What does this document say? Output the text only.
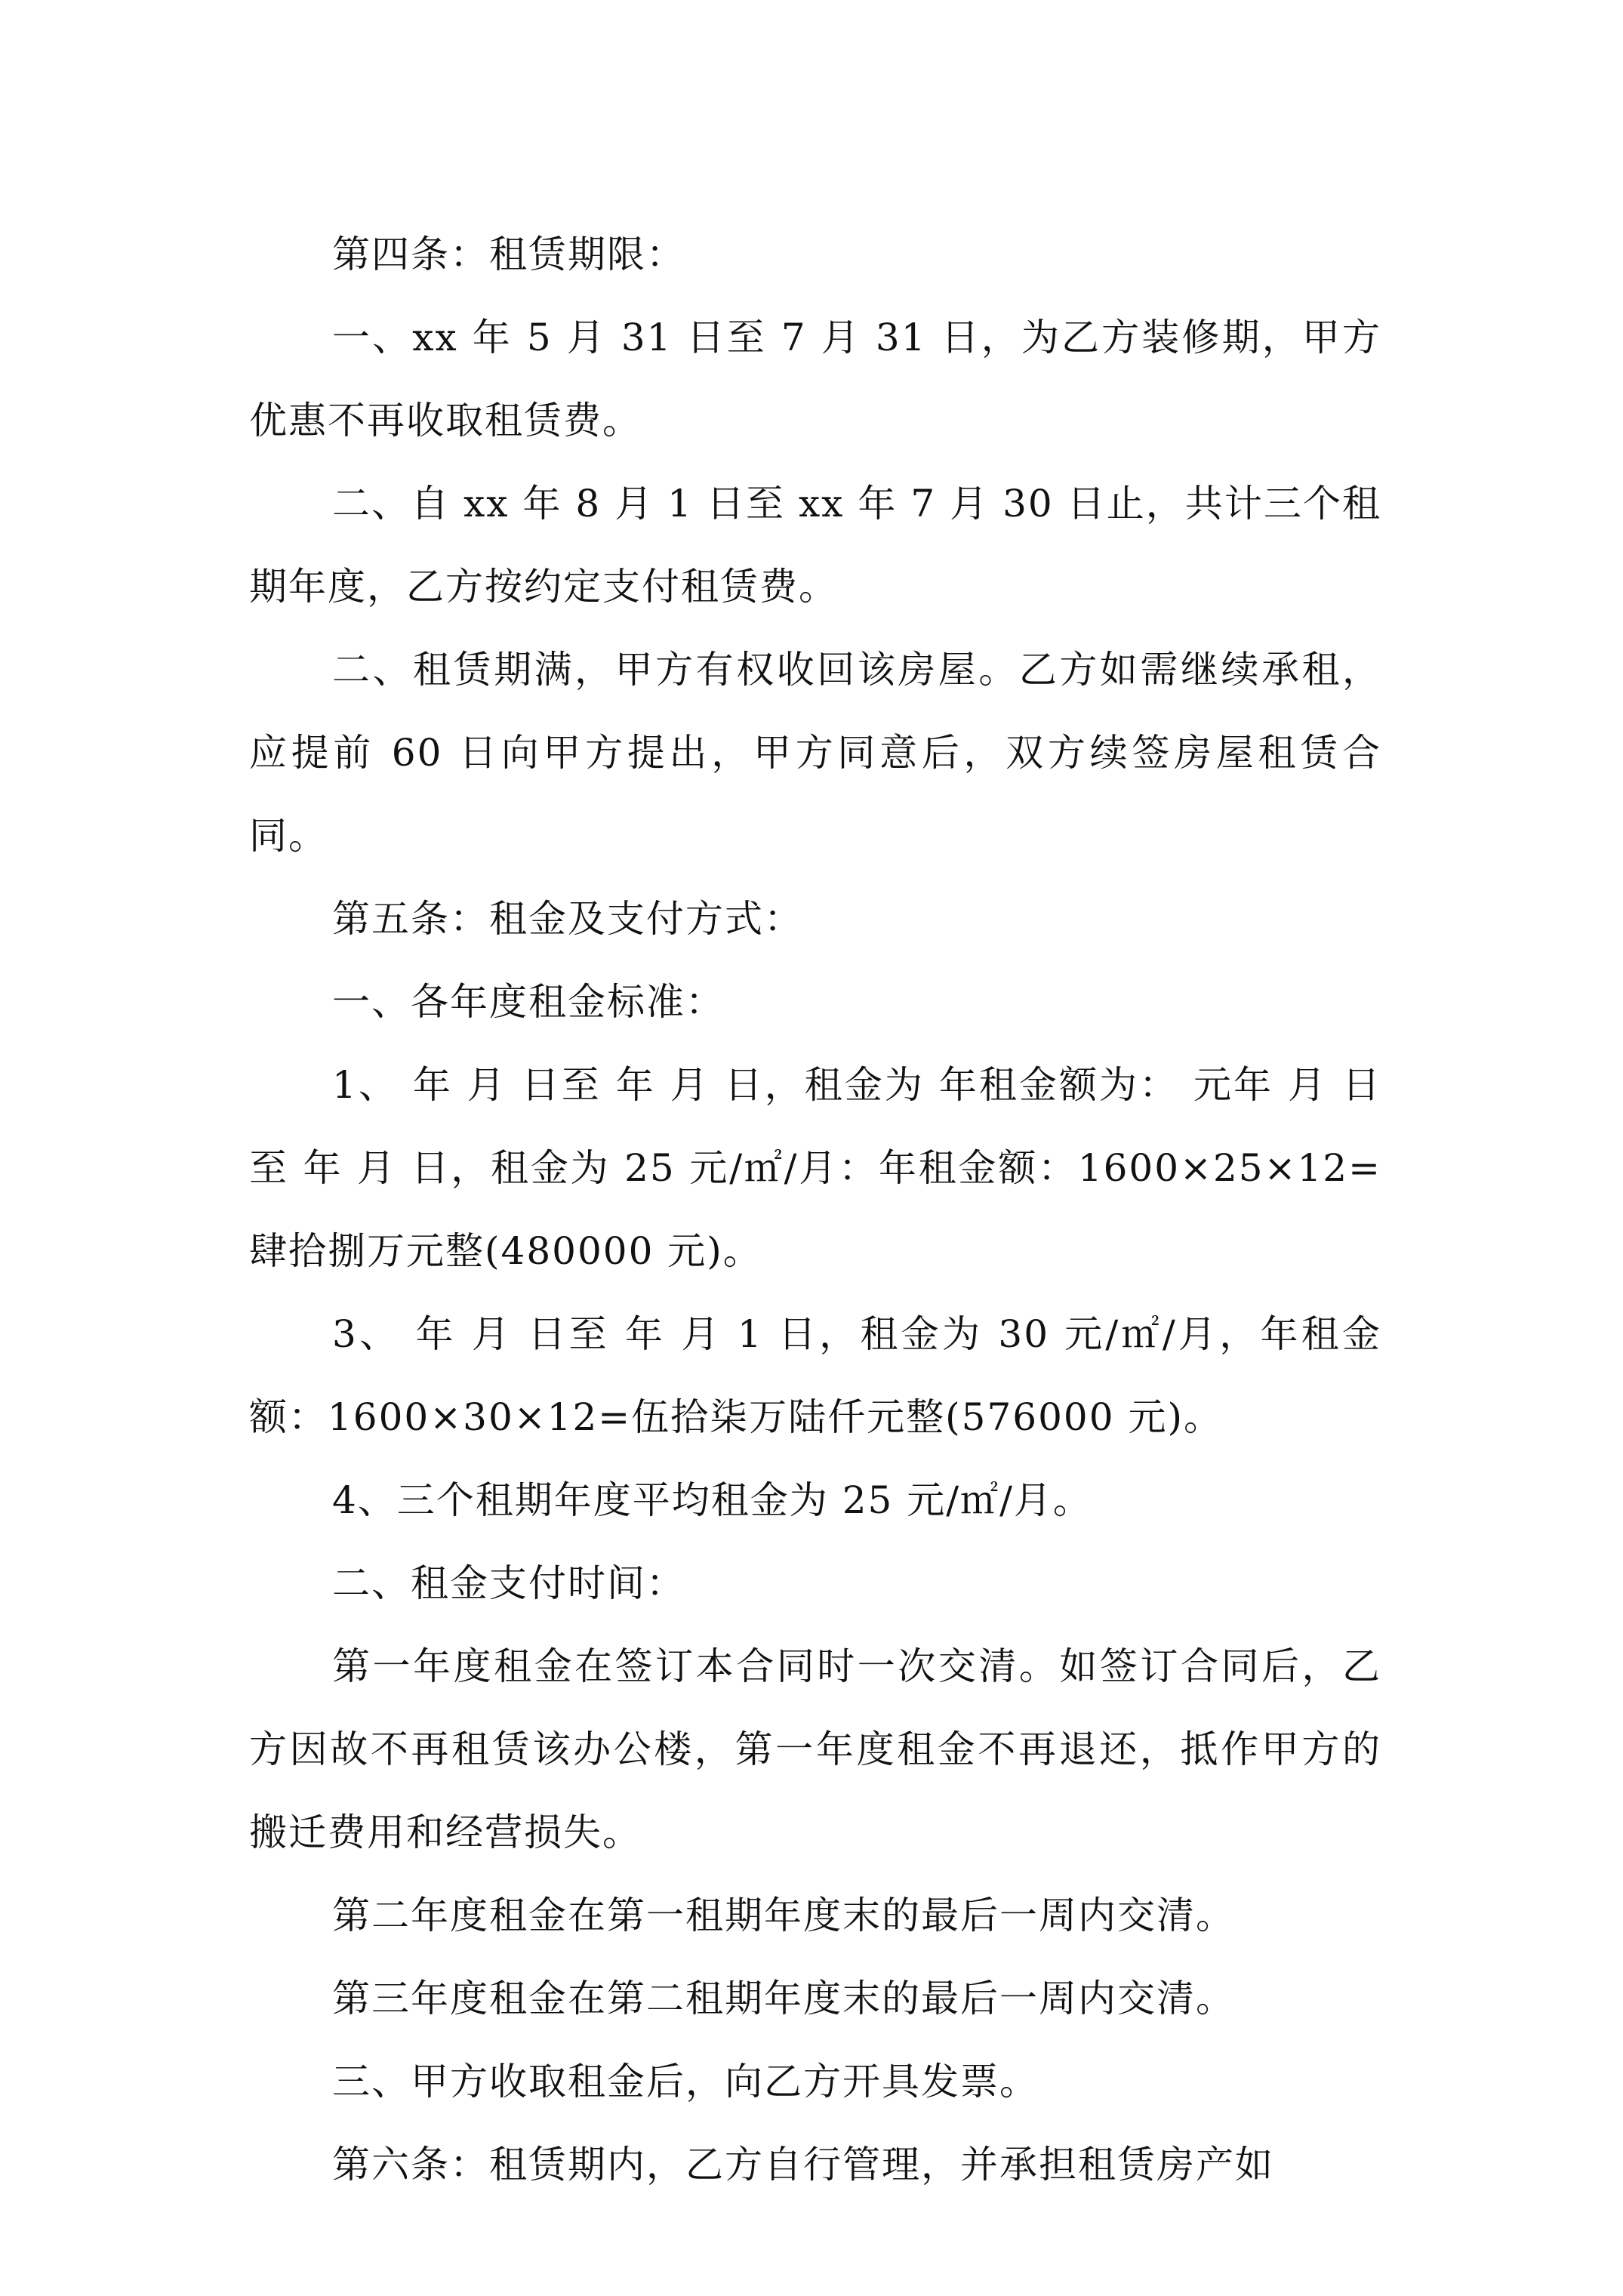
第四条：租赁期限：

一、xx 年 5 月 31 日至 7 月 31 日，为乙方装修期，甲方优惠不再收取租赁费。

二、自 xx 年 8 月 1 日至 xx 年 7 月 30 日止，共计三个租期年度，乙方按约定支付租赁费。

二、租赁期满，甲方有权收回该房屋。乙方如需继续承租，应提前 60 日向甲方提出，甲方同意后，双方续签房屋租赁合同。

第五条：租金及支付方式：

一、各年度租金标准：

1、 年 月 日至 年 月 日，租金为 年租金额为： 元年 月 日至 年 月 日，租金为 25 元/㎡/月：年租金额：1600×25×12=肆拾捌万元整(480000 元)。

3、 年 月 日至 年 月 1 日，租金为 30 元/㎡/月，年租金额：1600×30×12=伍拾柒万陆仟元整(576000 元)。

4、三个租期年度平均租金为 25 元/㎡/月。

二、租金支付时间：

第一年度租金在签订本合同时一次交清。如签订合同后，乙方因故不再租赁该办公楼，第一年度租金不再退还，抵作甲方的搬迁费用和经营损失。

第二年度租金在第一租期年度末的最后一周内交清。

第三年度租金在第二租期年度末的最后一周内交清。

三、甲方收取租金后，向乙方开具发票。

第六条：租赁期内，乙方自行管理，并承担租赁房产如
